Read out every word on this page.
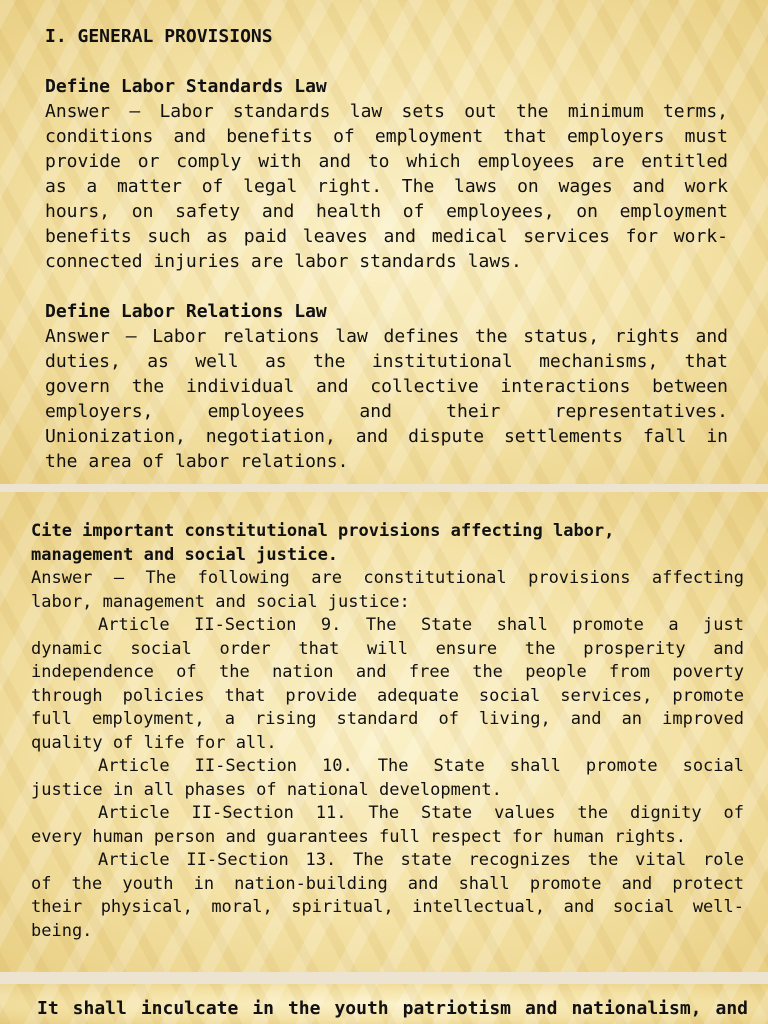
I. GENERAL PROVISIONS
Define Labor Standards Law
Answer – Labor standards law sets out the minimum terms,
conditions and benefits of employment that employers must
provide or comply with and to which employees are entitled
as a matter of legal right. The laws on wages and work
hours, on safety and health of employees, on employment
benefits such as paid leaves and medical services for work-
connected injuries are labor standards laws.
Define Labor Relations Law
Answer – Labor relations law defines the status, rights and
duties, as well as the institutional mechanisms, that
govern the individual and collective interactions between
employers, employees and their representatives.
Unionization, negotiation, and dispute settlements fall in
the area of labor relations.
Cite important constitutional provisions affecting labor,
management and social justice.
Answer – The following are constitutional provisions affecting
labor, management and social justice:
Article II-Section 9. The State shall promote a just
dynamic social order that will ensure the prosperity and
independence of the nation and free the people from poverty
through policies that provide adequate social services, promote
full employment, a rising standard of living, and an improved
quality of life for all.
Article II-Section 10. The State shall promote social
justice in all phases of national development.
Article II-Section 11. The State values the dignity of
every human person and guarantees full respect for human rights.
Article II-Section 13. The state recognizes the vital role
of the youth in nation-building and shall promote and protect
their physical, moral, spiritual, intellectual, and social well-
being.
It shall inculcate in the youth patriotism and nationalism, and
